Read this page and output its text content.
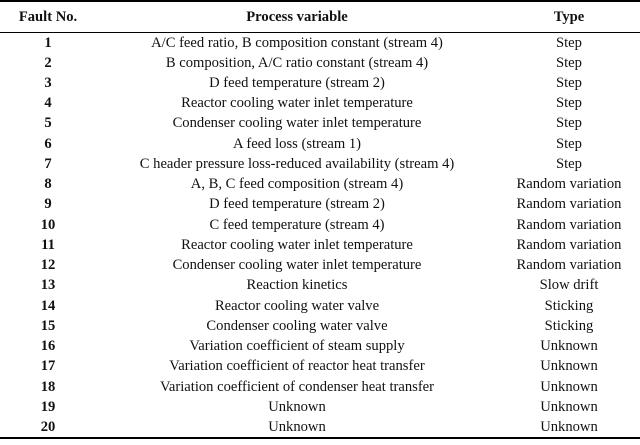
Fault No.	Process variable	Type
1	A/C feed ratio, B composition constant (stream 4)	Step
2	B composition, A/C ratio constant (stream 4)	Step
3	D feed temperature (stream 2)	Step
4	Reactor cooling water inlet temperature	Step
5	Condenser cooling water inlet temperature	Step
6	A feed loss (stream 1)	Step
7	C header pressure loss-reduced availability (stream 4)	Step
8	A, B, C feed composition (stream 4)	Random variation
9	D feed temperature (stream 2)	Random variation
10	C feed temperature (stream 4)	Random variation
11	Reactor cooling water inlet temperature	Random variation
12	Condenser cooling water inlet temperature	Random variation
13	Reaction kinetics	Slow drift
14	Reactor cooling water valve	Sticking
15	Condenser cooling water valve	Sticking
16	Variation coefficient of steam supply	Unknown
17	Variation coefficient of reactor heat transfer	Unknown
18	Variation coefficient of condenser heat transfer	Unknown
19	Unknown	Unknown
20	Unknown	Unknown
